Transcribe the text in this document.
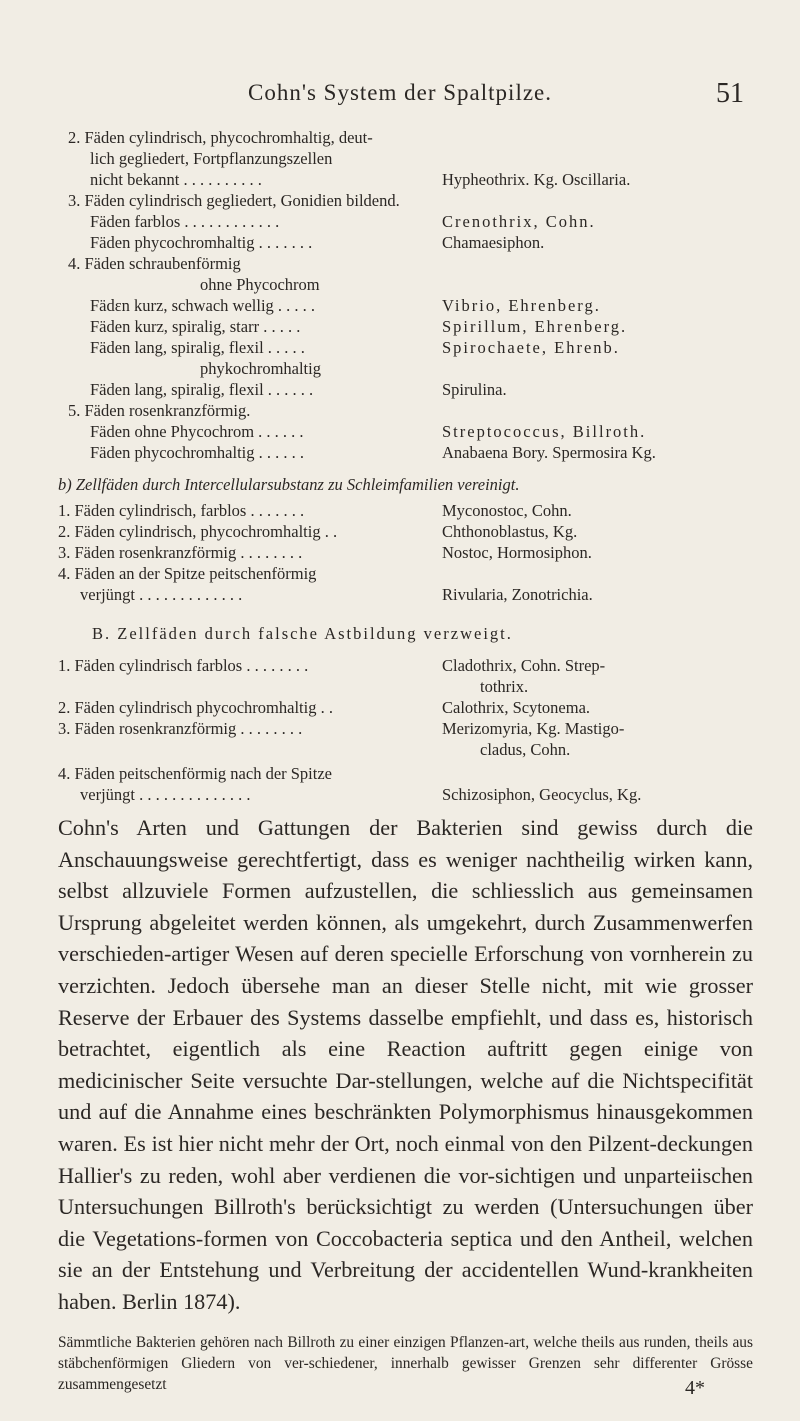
Cohn's System der Spaltpilze.	51
2. Fäden cylindrisch, phycochromhaltig, deut-
lich gegliedert, Fortpflanzungszellen
nicht bekannt . . . . . . . . . .	Hypheothrix. Kg. Oscillaria.
3. Fäden cylindrisch gegliedert, Gonidien bildend.
Fäden farblos . . . . . . . . . . . .	Crenothrix, Cohn.
Fäden phycochromhaltig . . . . . . .	Chamaesiphon.
4. Fäden schraubenförmig
ohne Phycochrom
Fädεn kurz, schwach wellig . . . . .	Vibrio, Ehrenberg.
Fäden kurz, spiralig, starr . . . . .	Spirillum, Ehrenberg.
Fäden lang, spiralig, flexil . . . . .	Spirochaete, Ehrenb.
phykochromhaltig
Fäden lang, spiralig, flexil . . . . . .	Spirulina.
5. Fäden rosenkranzförmig.
Fäden ohne Phycochrom . . . . . .	Streptococcus, Billroth.
Fäden phycochromhaltig . . . . . .	Anabaena Bory. Spermosira Kg.
b) Zellfäden durch Intercellularsubstanz zu Schleimfamilien vereinigt.
1. Fäden cylindrisch, farblos . . . . . . .	Myconostoc, Cohn.
2. Fäden cylindrisch, phycochromhaltig . .	Chthonoblastus, Kg.
3. Fäden rosenkranzförmig . . . . . . . .	Nostoc, Hormosiphon.
4. Fäden an der Spitze peitschenförmig
verjüngt . . . . . . . . . . . . .	Rivularia, Zonotrichia.
B. Zellfäden durch falsche Astbildung verzweigt.
1. Fäden cylindrisch farblos . . . . . . . .	Cladothrix, Cohn. Strep-
tothrix.
2. Fäden cylindrisch phycochromhaltig . .	Calothrix, Scytonema.
3. Fäden rosenkranzförmig . . . . . . . .	Merizomyria, Kg. Mastigo-
cladus, Cohn.
4. Fäden peitschenförmig nach der Spitze
verjüngt . . . . . . . . . . . . . .	Schizosiphon, Geocyclus, Kg.

Cohn's Arten und Gattungen der Bakterien sind gewiss durch die Anschauungsweise gerechtfertigt, dass es weniger nachtheilig wirken kann, selbst allzuviele Formen aufzustellen, die schliesslich aus gemeinsamen Ursprung abgeleitet werden können, als umgekehrt, durch Zusammenwerfen verschieden-artiger Wesen auf deren specielle Erforschung von vornherein zu verzichten. Jedoch übersehe man an dieser Stelle nicht, mit wie grosser Reserve der Erbauer des Systems dasselbe empfiehlt, und dass es, historisch betrachtet, eigentlich als eine Reaction auftritt gegen einige von medicinischer Seite versuchte Dar-stellungen, welche auf die Nichtspecifität und auf die Annahme eines beschränkten Polymorphismus hinausgekommen waren. Es ist hier nicht mehr der Ort, noch einmal von den Pilzent-deckungen Hallier's zu reden, wohl aber verdienen die vor-sichtigen und unparteiischen Untersuchungen Billroth's berücksichtigt zu werden (Untersuchungen über die Vegetations-formen von Coccobacteria septica und den Antheil, welchen sie an der Entstehung und Verbreitung der accidentellen Wund-krankheiten haben. Berlin 1874).

Sämmtliche Bakterien gehören nach Billroth zu einer einzigen Pflanzen-art, welche theils aus runden, theils aus stäbchenförmigen Gliedern von ver-schiedener, innerhalb gewisser Grenzen sehr differenter Grösse zusammengesetzt	4*
